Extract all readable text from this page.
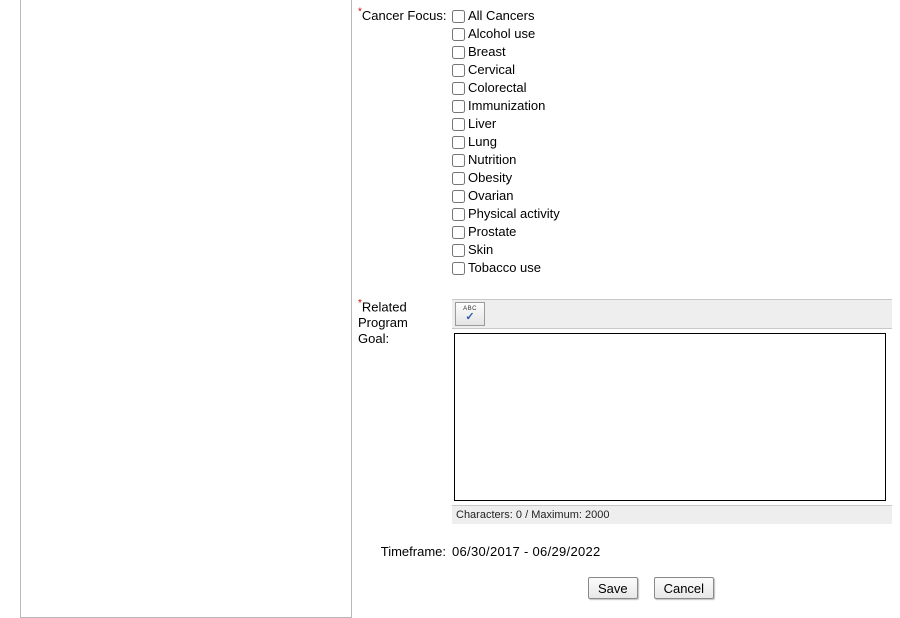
*Cancer Focus:	All Cancers
Alcohol use
Breast
Cervical
Colorectal
Immunization
Liver
Lung
Nutrition
Obesity
Ovarian
Physical activity
Prostate
Skin
Tobacco use
*Related
Program
Goal:
ABC
✓
Characters: 0 / Maximum: 2000
Timeframe: 06/30/2017 - 06/29/2022
Save	Cancel
